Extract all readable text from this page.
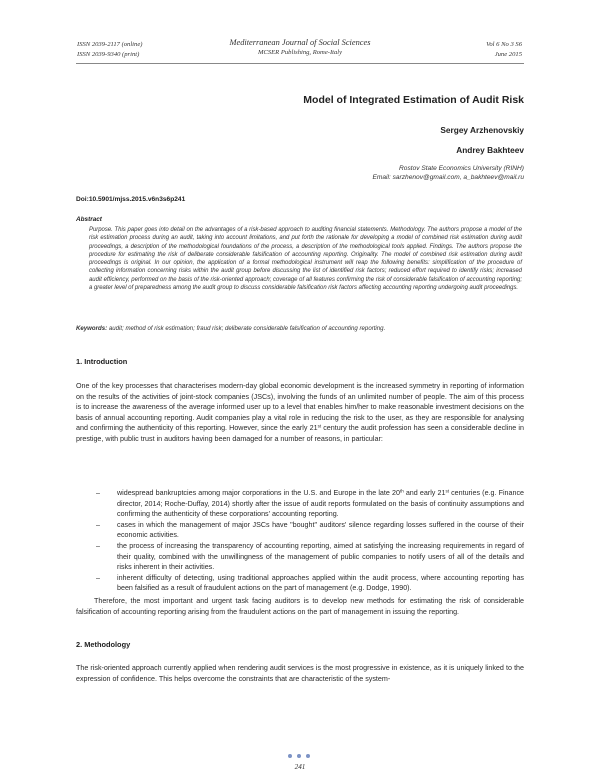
ISSN 2039-2117 (online)
ISSN 2039-9340 (print)
Mediterranean Journal of Social Sciences
MCSER Publishing, Rome-Italy
Vol 6 No 3 S6
June 2015
Model of Integrated Estimation of Audit Risk
Sergey Arzhenovskiy
Andrey Bakhteev
Rostov State Economics University (RINH)
Email: sarzhenov@gmail.com, a_bakhteev@mail.ru
Doi:10.5901/mjss.2015.v6n3s6p241
Abstract
Purpose. This paper goes into detail on the advantages of a risk-based approach to auditing financial statements. Methodology. The authors propose a model of the risk estimation process during an audit, taking into account limitations, and put forth the rationale for developing a model of combined risk estimation during audit proceedings, a description of the methodological foundations of the process, a description of the methodological tools applied. Findings. The authors propose the procedure for estimating the risk of deliberate considerable falsification of accounting reporting. Originality. The model of combined risk estimation during audit proceedings is original. In our opinion, the application of a formal methodological instrument will reap the following benefits: simplification of the procedure of collecting information concerning risks within the audit group before discussing the list of identified risk factors; reduced effort required to identify risks; increased audit efficiency, performed on the basis of the risk-oriented approach; coverage of all features confirming the risk of considerable falsification of accounting reporting; a greater level of preparedness among the audit group to discuss considerable falsification risk factors affecting accounting reporting undergoing audit proceedings.
Keywords: audit; method of risk estimation; fraud risk; deliberate considerable falsification of accounting reporting.
1. Introduction
One of the key processes that characterises modern-day global economic development is the increased symmetry in reporting of information on the results of the activities of joint-stock companies (JSCs), involving the funds of an unlimited number of people. The aim of this process is to increase the awareness of the average informed user up to a level that enables him/her to make reasonable investment decisions on the basis of annual accounting reporting. Audit companies play a vital role in reducing the risk to the user, as they are responsible for analysing and confirming the authenticity of this reporting. However, since the early 21st century the audit profession has seen a considerable decline in prestige, with public trust in auditors having been damaged for a number of reasons, in particular:
– widespread bankruptcies among major corporations in the U.S. and Europe in the late 20th and early 21st centuries (e.g. Finance director, 2014; Roche-Duffay, 2014) shortly after the issue of audit reports formulated on the basis of continuity assumptions and confirming the authenticity of these corporations' accounting reporting.
– cases in which the management of major JSCs have "bought" auditors' silence regarding losses suffered in the course of their economic activities.
– the process of increasing the transparency of accounting reporting, aimed at satisfying the increasing requirements in regard of their quality, combined with the unwillingness of the management of public companies to notify users of all of the details and risks inherent in their activities.
– inherent difficulty of detecting, using traditional approaches applied within the audit process, where accounting reporting has been falsified as a result of fraudulent actions on the part of management (e.g. Dodge, 1990).
Therefore, the most important and urgent task facing auditors is to develop new methods for estimating the risk of considerable falsification of accounting reporting arising from the fraudulent actions on the part of management in issuing the reporting.
2. Methodology
The risk-oriented approach currently applied when rendering audit services is the most progressive in existence, as it is uniquely linked to the expression of confidence. This helps overcome the constraints that are characteristic of the system-
241
